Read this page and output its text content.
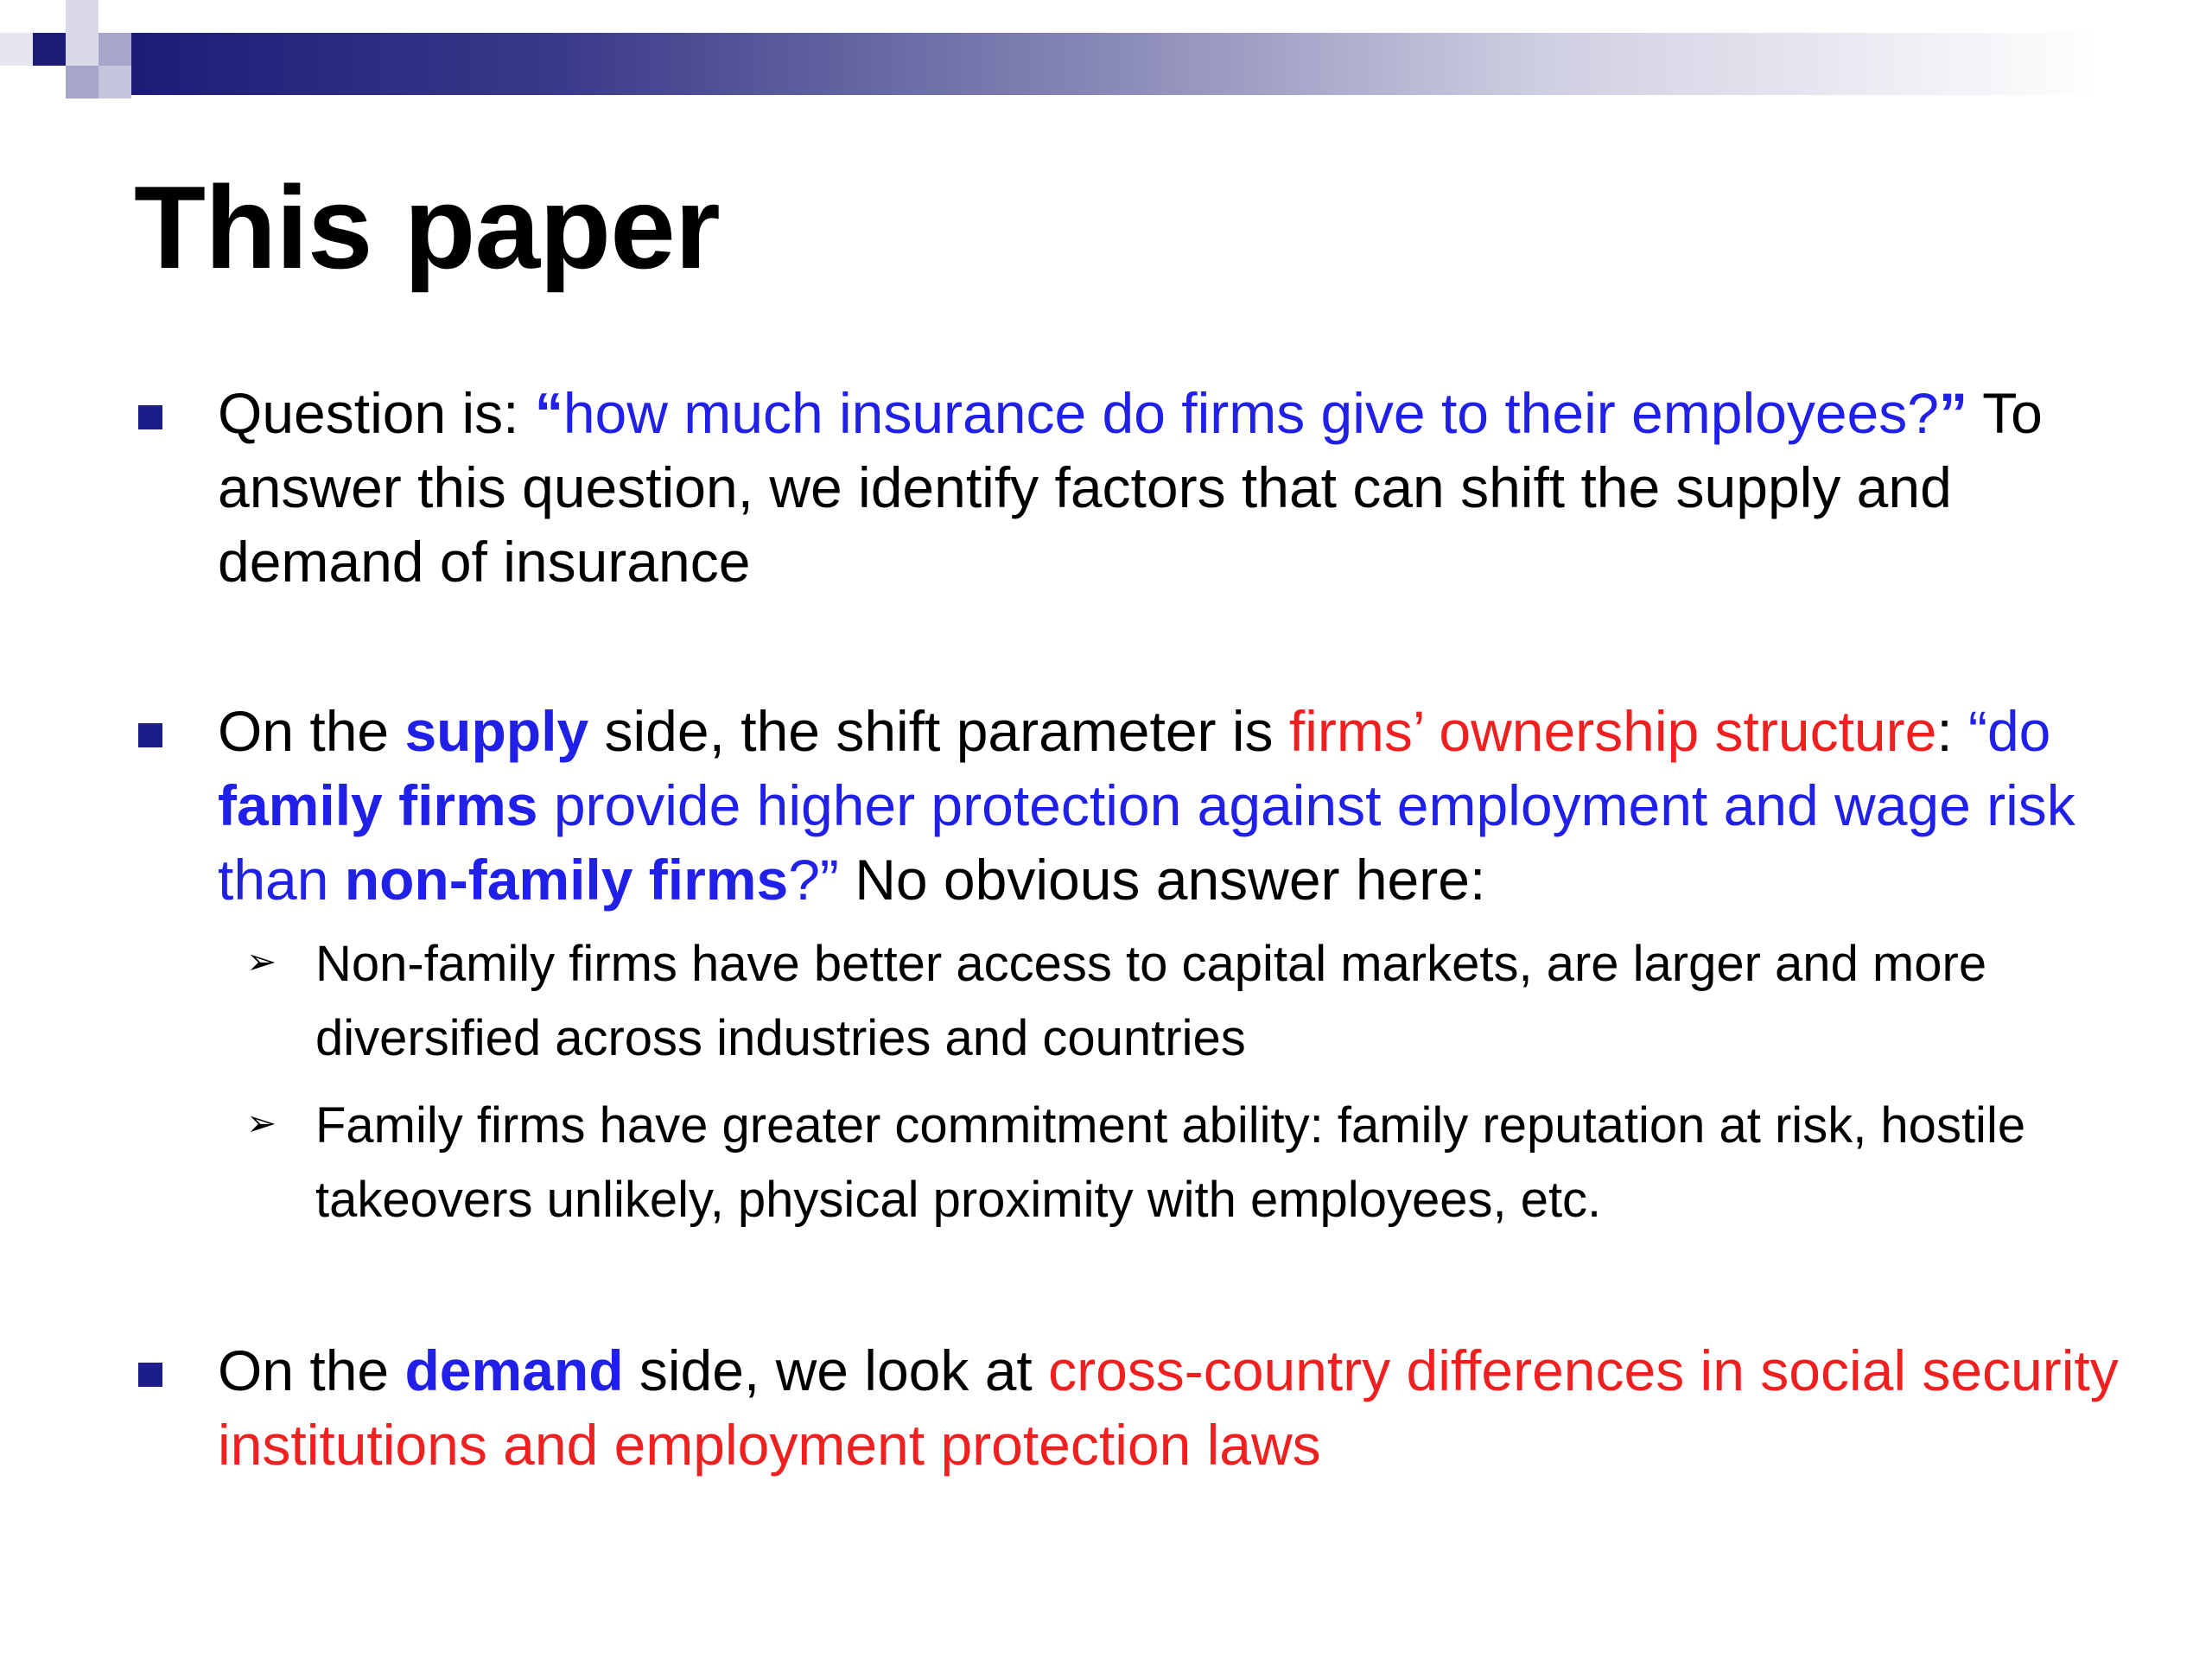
This paper
Question is: “how much insurance do firms give to their employees?” To answer this question, we identify factors that can shift the supply and demand of insurance
On the supply side, the shift parameter is firms’ ownership structure: “do family firms provide higher protection against employment and wage risk than non-family firms?” No obvious answer here:
➢ Non-family firms have better access to capital markets, are larger and more diversified across industries and countries
➢ Family firms have greater commitment ability: family reputation at risk, hostile takeovers unlikely, physical proximity with employees, etc.
On the demand side, we look at cross-country differences in social security institutions and employment protection laws
